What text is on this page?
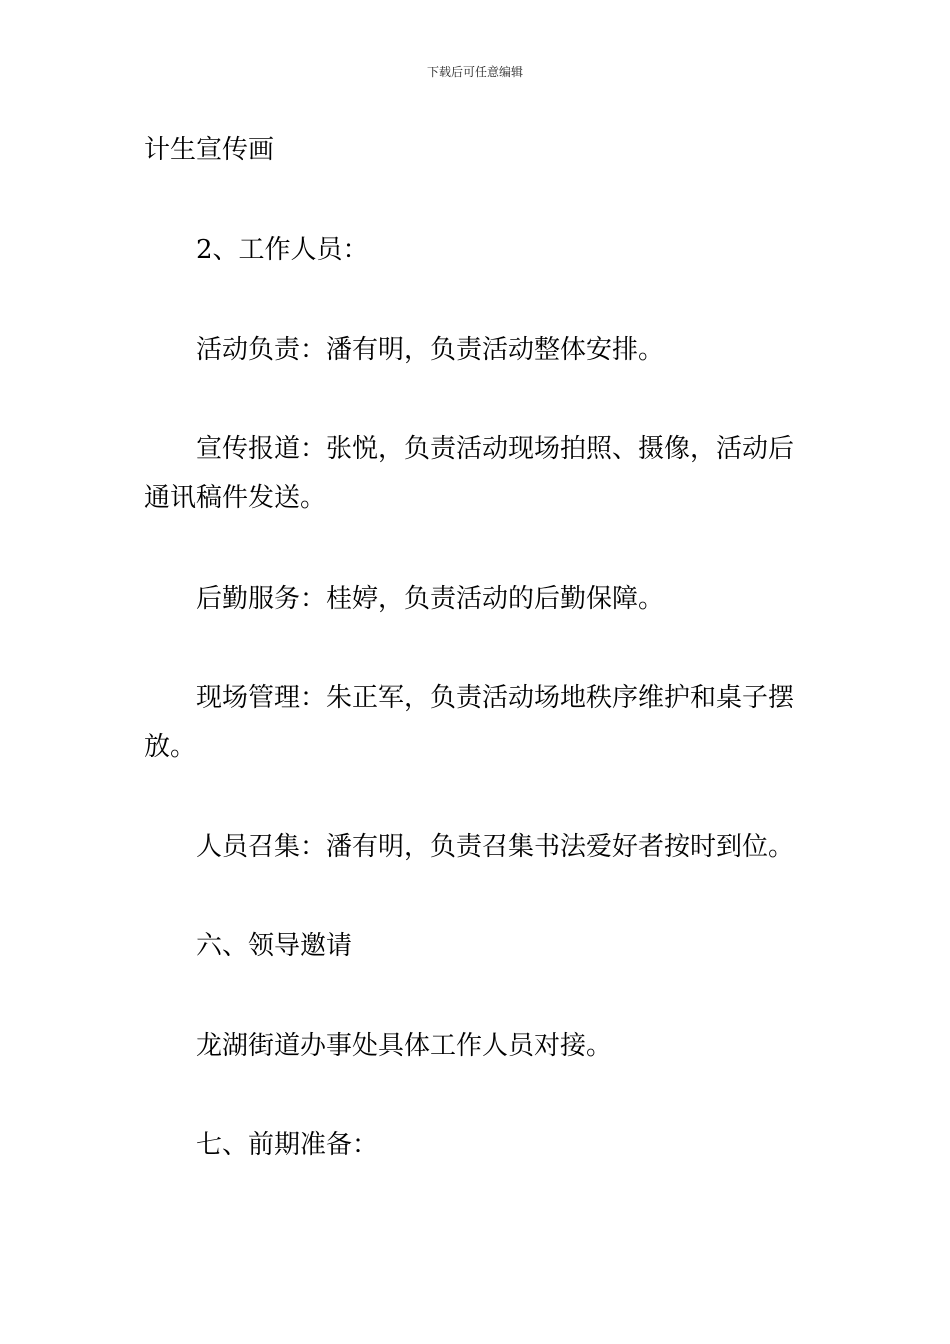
下载后可任意编辑

计生宣传画

2、工作人员：

活动负责：潘有明，负责活动整体安排。

宣传报道：张悦，负责活动现场拍照、摄像，活动后通讯稿件发送。

后勤服务：桂婷，负责活动的后勤保障。

现场管理：朱正军，负责活动场地秩序维护和桌子摆放。

人员召集：潘有明，负责召集书法爱好者按时到位。

六、领导邀请

龙湖街道办事处具体工作人员对接。

七、前期准备：
